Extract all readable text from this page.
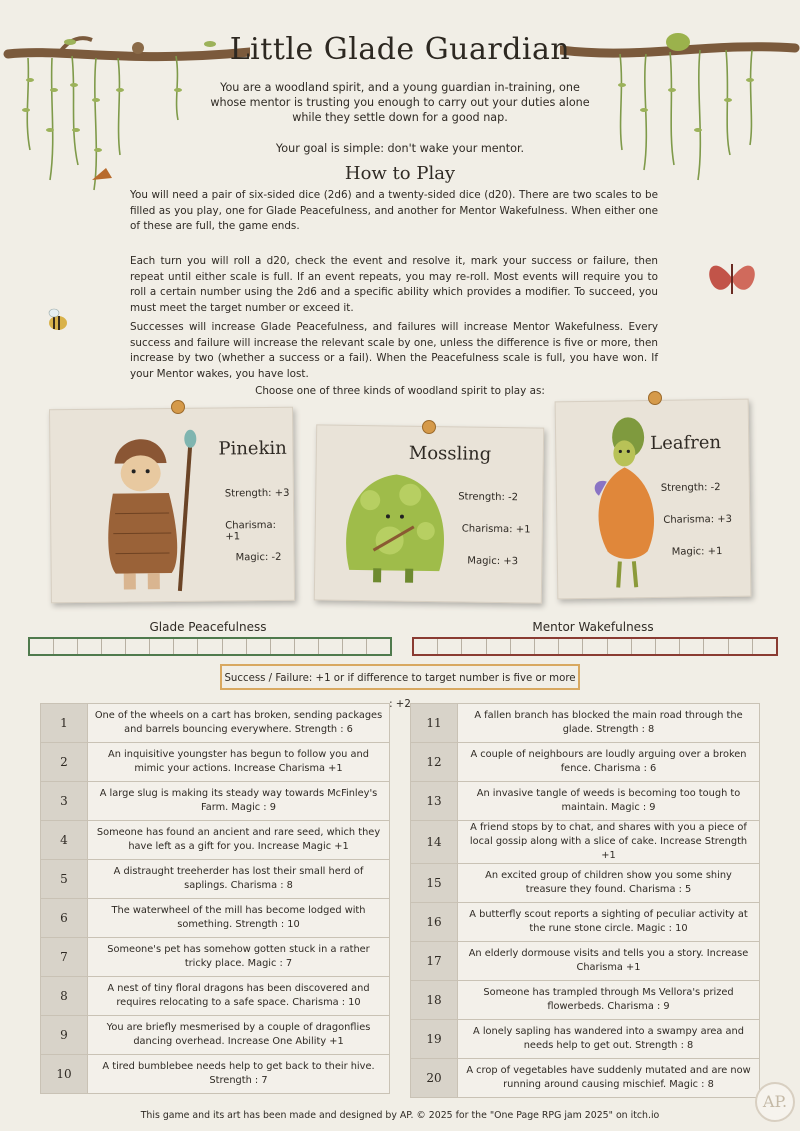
Little Glade Guardian
You are a woodland spirit, and a young guardian in-training, one whose mentor is trusting you enough to carry out your duties alone while they settle down for a good nap.
Your goal is simple: don't wake your mentor.
How to Play
You will need a pair of six-sided dice (2d6) and a twenty-sided dice (d20). There are two scales to be filled as you play, one for Glade Peacefulness, and another for Mentor Wakefulness. When either one of these are full, the game ends.
Each turn you will roll a d20, check the event and resolve it, mark your success or failure, then repeat until either scale is full. If an event repeats, you may re-roll. Most events will require you to roll a certain number using the 2d6 and a specific ability which provides a modifier. To succeed, you must meet the target number or exceed it.
Successes will increase Glade Peacefulness, and failures will increase Mentor Wakefulness. Every success and failure will increase the relevant scale by one, unless the difference is five or more, then increase by two (whether a success or a fail). When the Peacefulness scale is full, you have won. If your Mentor wakes, you have lost.
Choose one of three kinds of woodland spirit to play as:
Pinekin
Strength: +3
Charisma: +1
Magic: -2
Mossling
Strength: -2
Charisma: +1
Magic: +3
Leafren
Strength: -2
Charisma: +3
Magic: +1
Glade Peacefulness	Mentor Wakefulness
Success / Failure: +1 or if difference to target number is five or more : +2
1	One of the wheels on a cart has broken, sending packages and barrels bouncing everywhere. Strength : 6
2	An inquisitive youngster has begun to follow you and mimic your actions. Increase Charisma +1
3	A large slug is making its steady way towards McFinley's Farm. Magic : 9
4	Someone has found an ancient and rare seed, which they have left as a gift for you. Increase Magic +1
5	A distraught treeherder has lost their small herd of saplings. Charisma : 8
6	The waterwheel of the mill has become lodged with something. Strength : 10
7	Someone's pet has somehow gotten stuck in a rather tricky place. Magic : 7
8	A nest of tiny floral dragons has been discovered and requires relocating to a safe space. Charisma : 10
9	You are briefly mesmerised by a couple of dragonflies dancing overhead. Increase One Ability +1
10	A tired bumblebee needs help to get back to their hive. Strength : 7
11	A fallen branch has blocked the main road through the glade. Strength : 8
12	A couple of neighbours are loudly arguing over a broken fence. Charisma : 6
13	An invasive tangle of weeds is becoming too tough to maintain. Magic : 9
14	A friend stops by to chat, and shares with you a piece of local gossip along with a slice of cake. Increase Strength +1
15	An excited group of children show you some shiny treasure they found. Charisma : 5
16	A butterfly scout reports a sighting of peculiar activity at the rune stone circle. Magic : 10
17	An elderly dormouse visits and tells you a story. Increase Charisma +1
18	Someone has trampled through Ms Vellora's prized flowerbeds. Charisma : 9
19	A lonely sapling has wandered into a swampy area and needs help to get out. Strength : 8
20	A crop of vegetables have suddenly mutated and are now running around causing mischief. Magic : 8
This game and its art has been made and designed by AP. © 2025 for the "One Page RPG jam 2025" on itch.io
AP.
